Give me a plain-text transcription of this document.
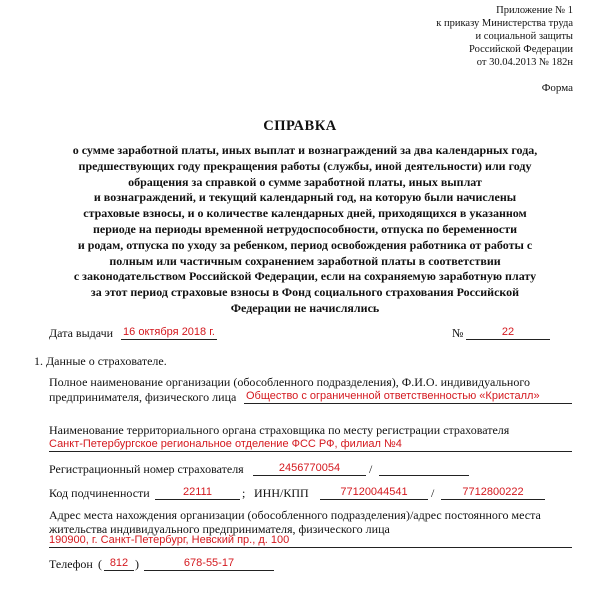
Приложение № 1
к приказу Министерства труда
и социальной защиты
Российской Федерации
от 30.04.2013 № 182н
Форма
СПРАВКА
о сумме заработной платы, иных выплат и вознаграждений за два календарных года,
предшествующих году прекращения работы (службы, иной деятельности) или году
обращения за справкой о сумме заработной платы, иных выплат
и вознаграждений, и текущий календарный год, на которую были начислены
страховые взносы, и о количестве календарных дней, приходящихся в указанном
периоде на периоды временной нетрудоспособности, отпуска по беременности
и родам, отпуска по уходу за ребенком, период освобождения работника от работы с
полным или частичным сохранением заработной платы в соответствии
с законодательством Российской Федерации, если на сохраняемую заработную плату
за этот период страховые взносы в Фонд социального страхования Российской
Федерации не начислялись
Дата выдачи 16 октября 2018 г.	№	22
1. Данные о страхователе.
Полное наименование организации (обособленного подразделения), Ф.И.О. индивидуального
предпринимателя, физического лица Общество с ограниченной ответственностью «Кристалл»
Наименование территориального органа страховщика по месту регистрации страхователя
Санкт-Петербургское региональное отделение ФСС РФ, филиал №4
Регистрационный номер страхователя	2456770054	/
Код подчиненности	22111	; ИНН/КПП	77120044541	/	7712800222
Адрес места нахождения организации (обособленного подразделения)/адрес постоянного места
жительства индивидуального предпринимателя, физического лица
190900, г. Санкт-Петербург, Невский пр., д. 100
Телефон ( 812 )	678-55-17
